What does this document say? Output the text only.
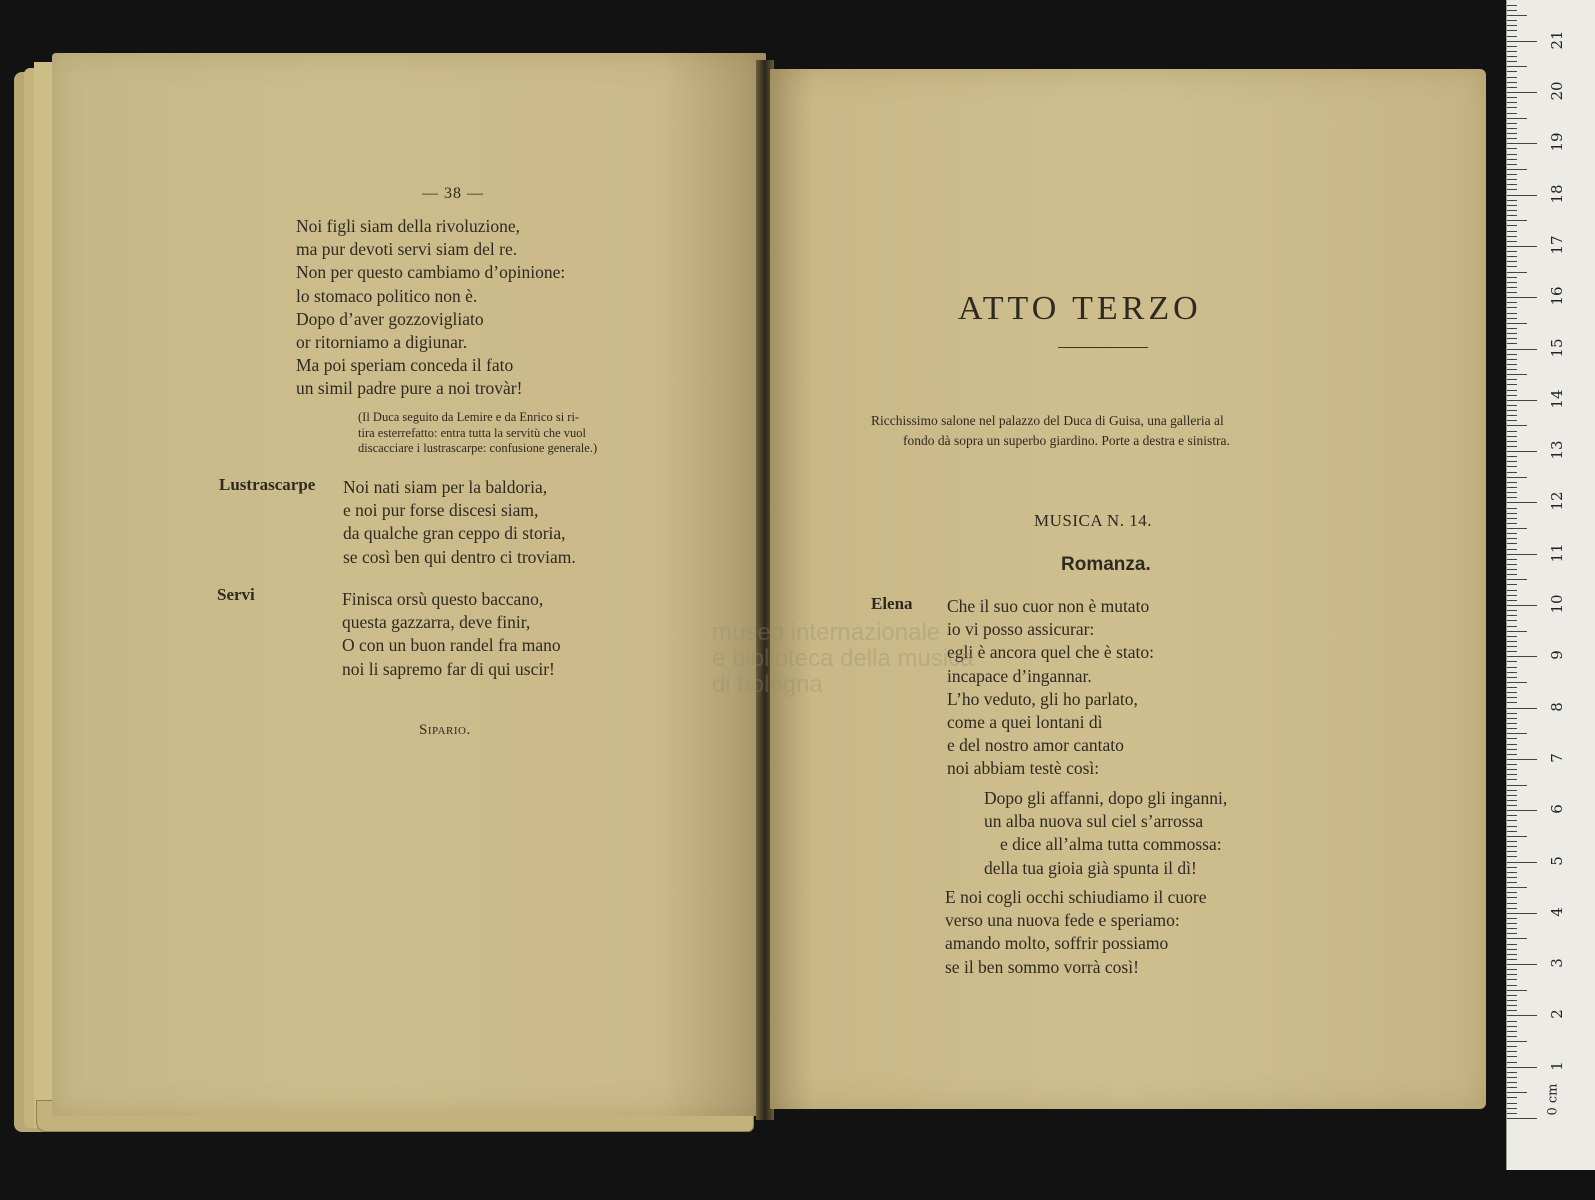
— 38 —
Noi figli siam della rivoluzione,
ma pur devoti servi siam del re.
Non per questo cambiamo d’opinione:
lo stomaco politico non è.
Dopo d’aver gozzovigliato
or ritorniamo a digiunar.
Ma poi speriam conceda il fato
un simil padre pure a noi trovàr!
(Il Duca seguito da Lemire e da Enrico si ri-
tira esterrefatto: entra tutta la servitù che vuol
discacciare i lustrascarpe: confusione generale.)
Lustrascarpe Noi nati siam per la baldoria,
e noi pur forse discesi siam,
da qualche gran ceppo di storia,
se così ben qui dentro ci troviam.
Servi	Finisca orsù questo baccano,
questa gazzarra, deve finir,
O con un buon randel fra mano
noi li sapremo far di qui uscir!
Sipario.
ATTO TERZO
Ricchissimo salone nel palazzo del Duca di Guisa, una galleria al
fondo dà sopra un superbo giardino. Porte a destra e sinistra.
MUSICA N. 14.
Romanza.
Elena Che il suo cuor non è mutato
io vi posso assicurar:
egli è ancora quel che è stato:
incapace d’ingannar.
L’ho veduto, gli ho parlato,
come a quei lontani dì
e del nostro amor cantato
noi abbiam testè così:
Dopo gli affanni, dopo gli inganni,
un alba nuova sul ciel s’arrossa
e dice all’alma tutta commossa:
della tua gioia già spunta il dì!
E noi cogli occhi schiudiamo il cuore
verso una nuova fede e speriamo:
amando molto, soffrir possiamo
se il ben sommo vorrà così!
museo internazionale
e biblioteca della musica
di bologna
0 cm
1
2
3
4
5
6
7
8
9
10
11
12
13
14
15
16
17
18
19
20
21
